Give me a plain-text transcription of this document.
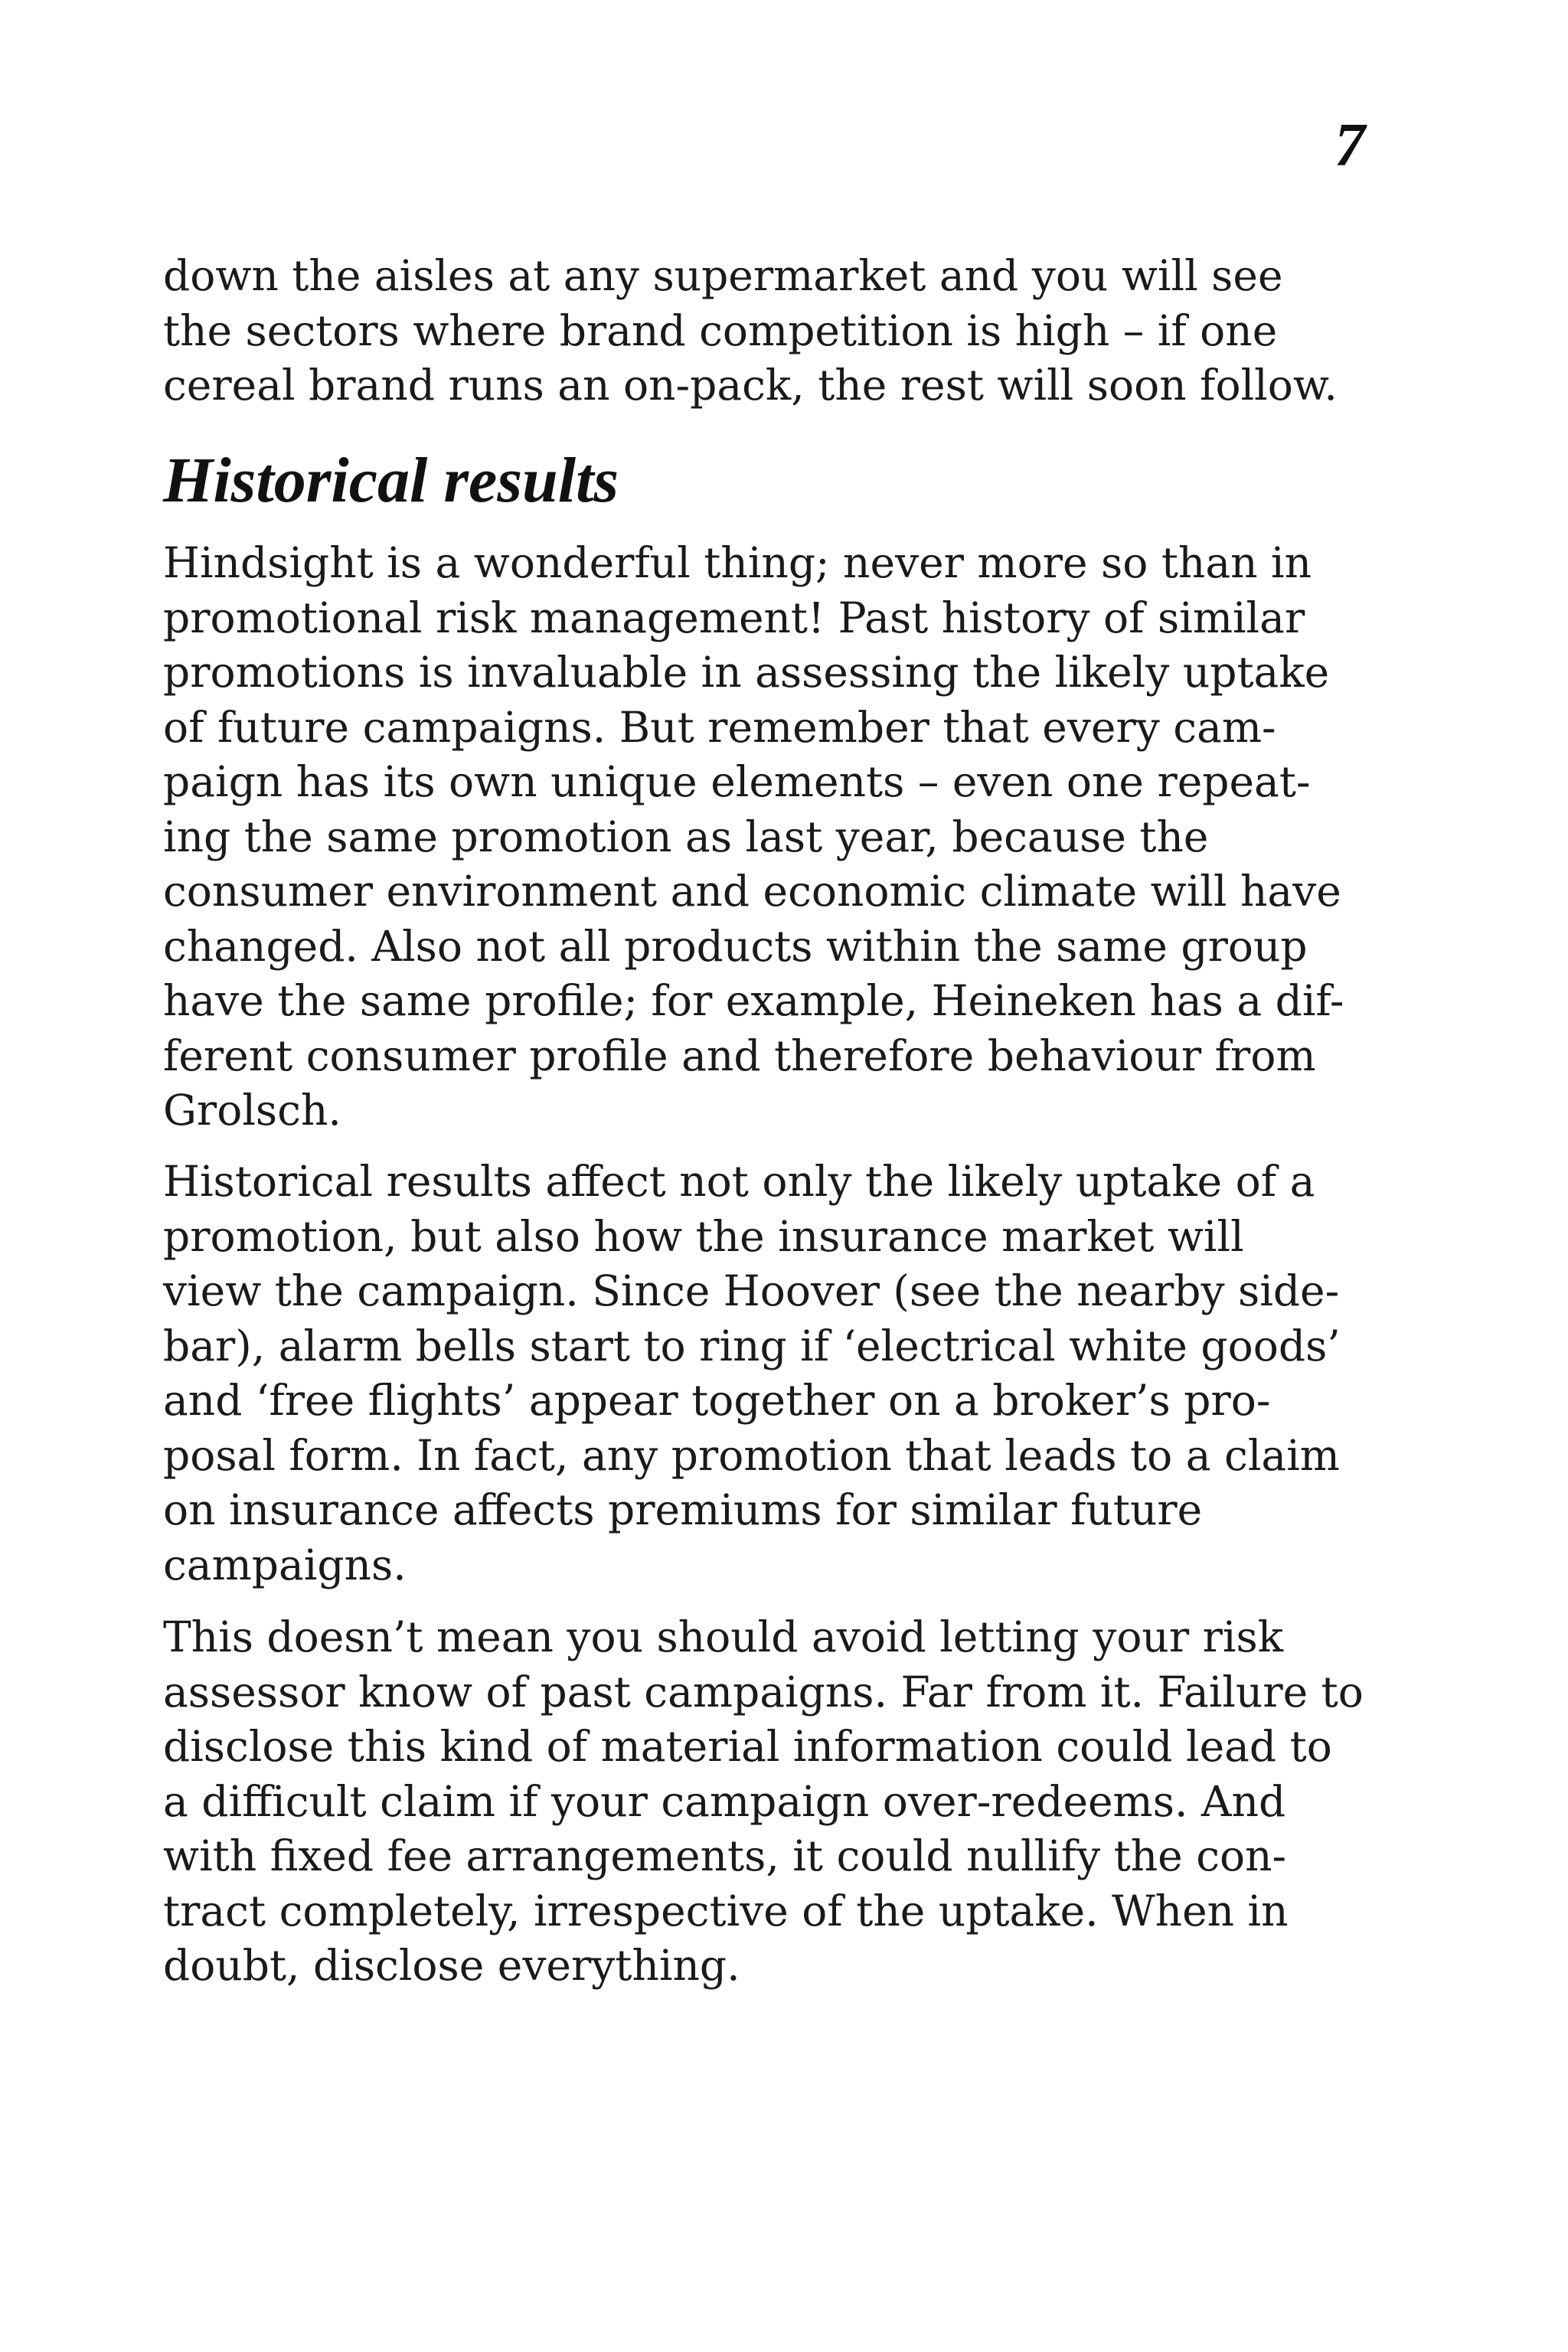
7

down the aisles at any supermarket and you will see
the sectors where brand competition is high – if one
cereal brand runs an on-pack, the rest will soon follow.

Historical results

Hindsight is a wonderful thing; never more so than in
promotional risk management! Past history of similar
promotions is invaluable in assessing the likely uptake
of future campaigns. But remember that every cam-
paign has its own unique elements – even one repeat-
ing the same promotion as last year, because the
consumer environment and economic climate will have
changed. Also not all products within the same group
have the same profile; for example, Heineken has a dif-
ferent consumer profile and therefore behaviour from
Grolsch.

Historical results affect not only the likely uptake of a
promotion, but also how the insurance market will
view the campaign. Since Hoover (see the nearby side-
bar), alarm bells start to ring if ‘electrical white goods’
and ‘free flights’ appear together on a broker’s pro-
posal form. In fact, any promotion that leads to a claim
on insurance affects premiums for similar future
campaigns.

This doesn’t mean you should avoid letting your risk
assessor know of past campaigns. Far from it. Failure to
disclose this kind of material information could lead to
a difficult claim if your campaign over-redeems. And
with fixed fee arrangements, it could nullify the con-
tract completely, irrespective of the uptake. When in
doubt, disclose everything.
